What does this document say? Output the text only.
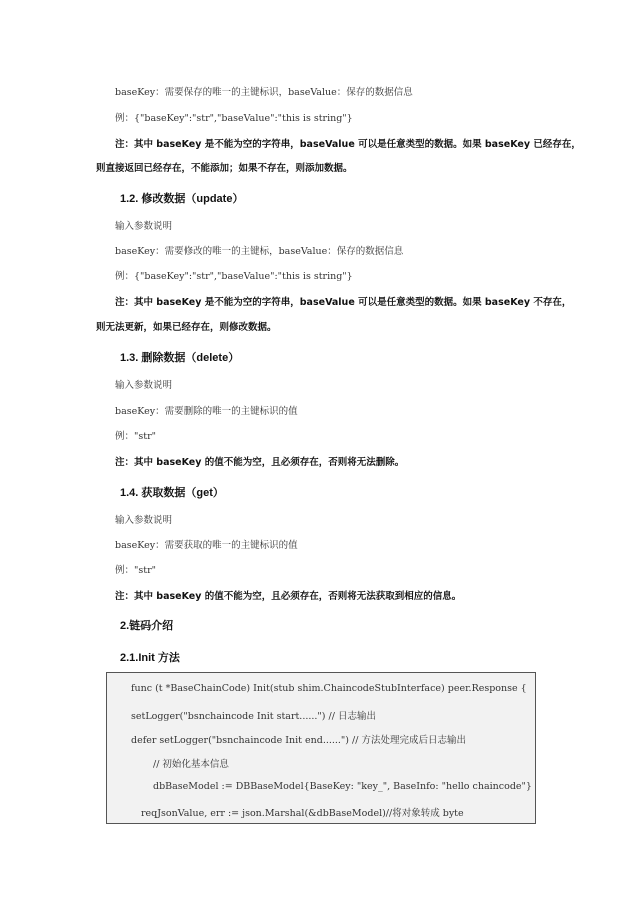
baseKey：需要保存的唯一的主键标识，baseValue：保存的数据信息
例：{"baseKey":"str","baseValue":"this is string"}
注：其中 baseKey 是不能为空的字符串，baseValue 可以是任意类型的数据。如果 baseKey 已经存在，
则直接返回已经存在，不能添加；如果不存在，则添加数据。
1.2. 修改数据（update）
输入参数说明
baseKey：需要修改的唯一的主键标，baseValue：保存的数据信息
例：{"baseKey":"str","baseValue":"this is string"}
注：其中 baseKey 是不能为空的字符串，baseValue 可以是任意类型的数据。如果 baseKey 不存在，
则无法更新，如果已经存在，则修改数据。
1.3. 删除数据（delete）
输入参数说明
baseKey：需要删除的唯一的主键标识的值
例："str"
注：其中 baseKey 的值不能为空，且必须存在，否则将无法删除。
1.4. 获取数据（get）
输入参数说明
baseKey：需要获取的唯一的主键标识的值
例："str"
注：其中 baseKey 的值不能为空，且必须存在，否则将无法获取到相应的信息。
2.链码介绍
2.1.Init 方法
func (t *BaseChainCode) Init(stub shim.ChaincodeStubInterface) peer.Response {
setLogger("bsnchaincode Init start......") // 日志输出
defer setLogger("bsnchaincode Init end......") // 方法处理完成后日志输出
// 初始化基本信息
dbBaseModel := DBBaseModel{BaseKey: "key_", BaseInfo: "hello chaincode"}
reqJsonValue, err := json.Marshal(&dbBaseModel)//将对象转成 byte
